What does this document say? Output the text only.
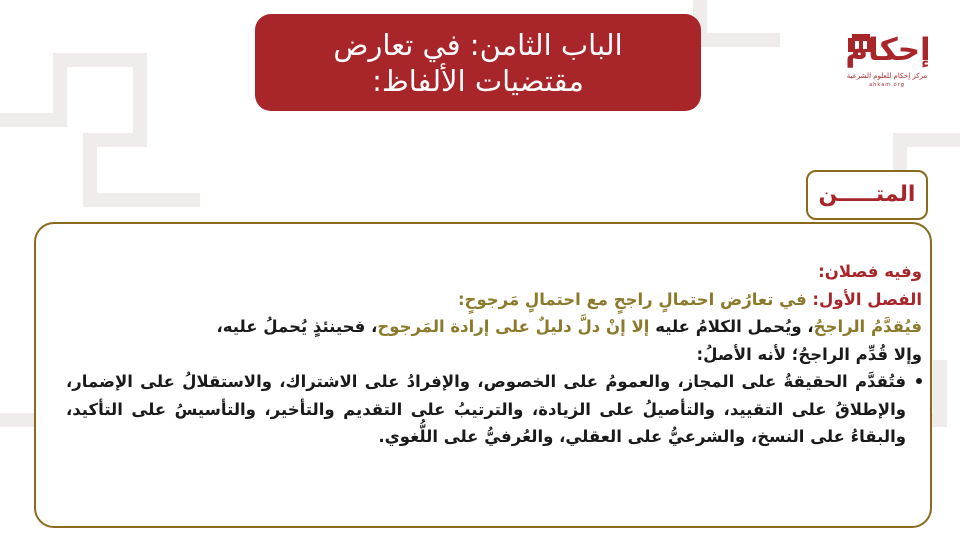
الباب الثامن: في تعارض
مقتضيات الألفاظ:
إحكام
مركز إحكام للعلوم الشرعية
ahkam.org
المتـــــن

وفيه فصلان:

الفصل الأول: في تعارُض احتمالٍ راجحٍ مع احتمالٍ مَرجوحٍ:

فيُقدَّمُ الراجحُ، ويُحمل الكلامُ عليه إلا إنْ دلَّ دليلٌ على إرادة المَرجوح، فحينئذٍ يُحملُ عليه،

وإلا قُدِّم الراجحُ؛ لأنه الأصلُ:

فتُقدَّم الحقيقةُ على المجاز، والعمومُ على الخصوص، والإفرادُ على الاشتراك، والاستقلالُ على الإضمار، والإطلاقُ على التقييد، والتأصيلُ على الزيادة، والترتيبُ على التقديم والتأخير، والتأسيسُ على التأكيد، والبقاءُ على النسخ، والشرعيُّ على العقلي، والعُرفيُّ على اللُّغوي.
